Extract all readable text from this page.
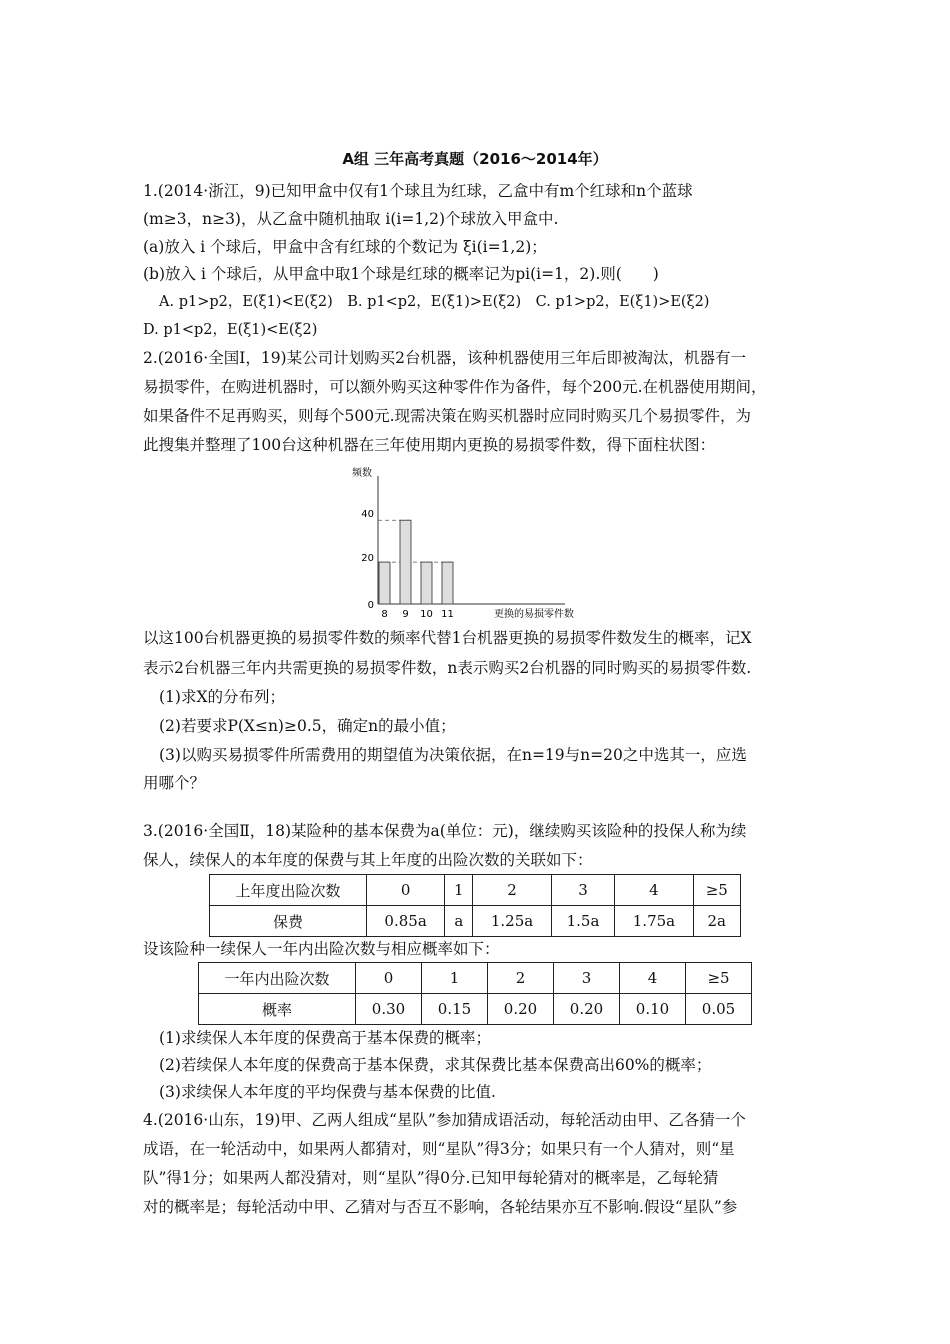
A组 三年高考真题（2016～2014年）
1.(2014·浙江，9)已知甲盒中仅有1个球且为红球，乙盒中有m个红球和n个蓝球
(m≥3，n≥3)，从乙盒中随机抽取 i(i=1,2)个球放入甲盒中.
(a)放入 i 个球后，甲盒中含有红球的个数记为 ξi(i=1,2)；
(b)放入 i 个球后，从甲盒中取1个球是红球的概率记为pi(i=1，2).则(　　)
A. p1>p2，E(ξ1)<E(ξ2)　B. p1<p2，E(ξ1)>E(ξ2)　C. p1>p2，E(ξ1)>E(ξ2)
D. p1<p2，E(ξ1)<E(ξ2)
2.(2016·全国Ⅰ，19)某公司计划购买2台机器，该种机器使用三年后即被淘汰，机器有一
易损零件，在购进机器时，可以额外购买这种零件作为备件，每个200元.在机器使用期间，
如果备件不足再购买，则每个500元.现需决策在购买机器时应同时购买几个易损零件，为
此搜集并整理了100台这种机器在三年使用期内更换的易损零件数，得下面柱状图：
频数
更换的易损零件数
0
20
40
8 9 10 11
以这100台机器更换的易损零件数的频率代替1台机器更换的易损零件数发生的概率，记X
表示2台机器三年内共需更换的易损零件数，n表示购买2台机器的同时购买的易损零件数.
(1)求X的分布列；
(2)若要求P(X≤n)≥0.5，确定n的最小值；
(3)以购买易损零件所需费用的期望值为决策依据，在n=19与n=20之中选其一，应选
用哪个？
3.(2016·全国Ⅱ，18)某险种的基本保费为a(单位：元)，继续购买该险种的投保人称为续
保人，续保人的本年度的保费与其上年度的出险次数的关联如下：
上年度出险次数	0	1	2	3	4	≥5
保费	0.85a	a	1.25a	1.5a	1.75a	2a
设该险种一续保人一年内出险次数与相应概率如下：
一年内出险次数	0	1	2	3	4	≥5
概率	0.30	0.15	0.20	0.20	0.10	0.05
(1)求续保人本年度的保费高于基本保费的概率；
(2)若续保人本年度的保费高于基本保费，求其保费比基本保费高出60%的概率；
(3)求续保人本年度的平均保费与基本保费的比值.
4.(2016·山东，19)甲、乙两人组成“星队”参加猜成语活动，每轮活动由甲、乙各猜一个
成语，在一轮活动中，如果两人都猜对，则“星队”得3分；如果只有一个人猜对，则“星
队”得1分；如果两人都没猜对，则“星队”得0分.已知甲每轮猜对的概率是，乙每轮猜
对的概率是；每轮活动中甲、乙猜对与否互不影响，各轮结果亦互不影响.假设“星队”参
